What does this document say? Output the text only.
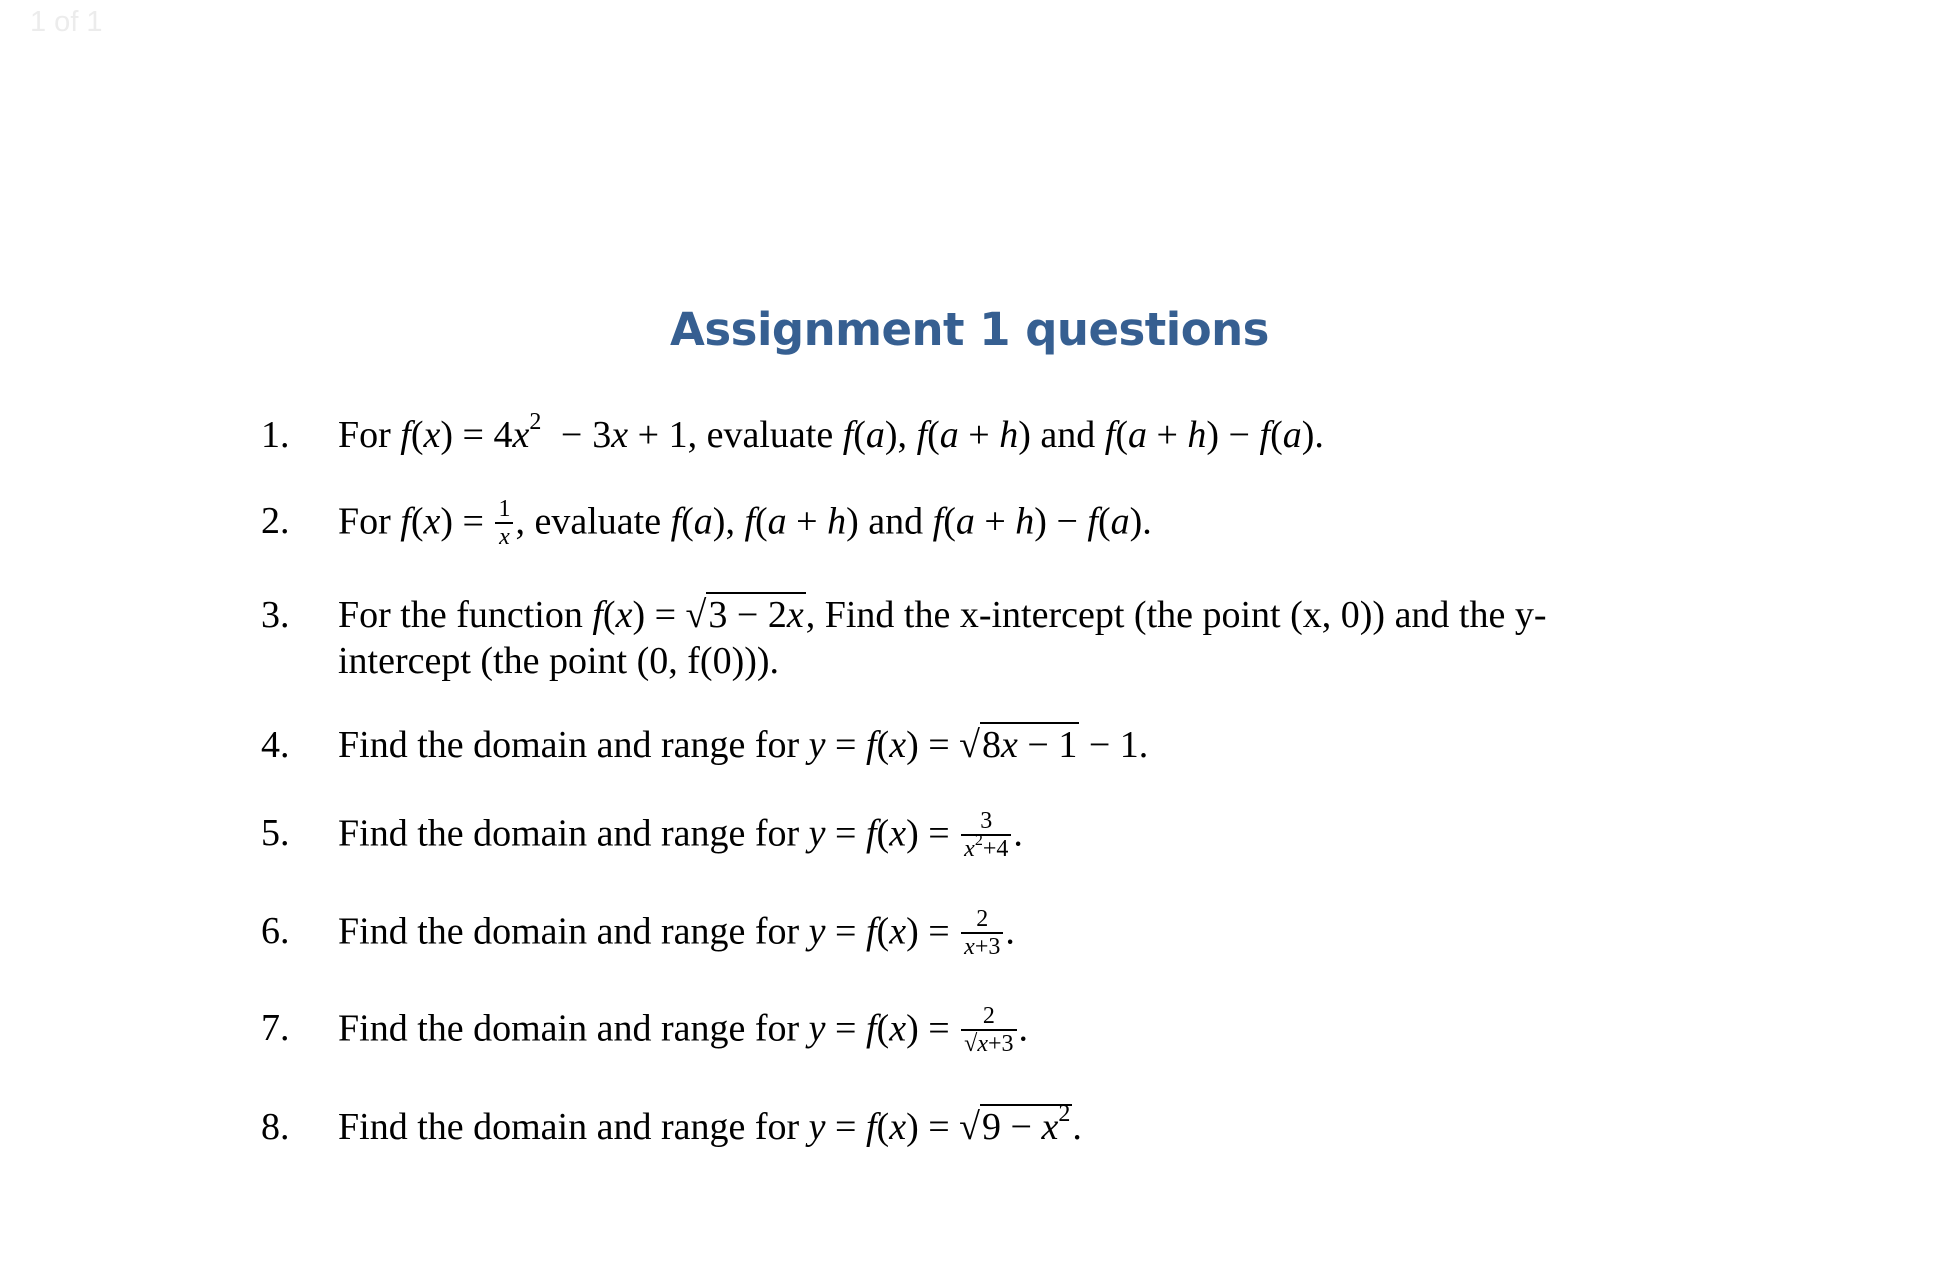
1 of 1
Assignment 1 questions
1. For $f(x) = 4x^2 - 3x + 1$, evaluate f(a), f(a + h) and f(a + h) − f(a).
2. For $f(x) = \frac{1}{x}$ , evaluate f(a), f(a + h) and f(a + h) − f(a).
3. For the function f(x) = √3 − 2x, Find the x-intercept (the point (x, 0)) and the y-
intercept (the point (0, f(0))).
4. Find the domain and range for y = f(x) = √8x − 1 − 1.
5. Find the domain and range for $y = f(x) = \frac{3}{x^2+4}$ .
6. Find the domain and range for $y = f(x) = \frac{2}{x+3}$ .
7. Find the domain and range for $y = f(x) = \frac{2}{√x+3}$ .
8. Find the domain and range for $y = f(x) = √9 - x^2$.
